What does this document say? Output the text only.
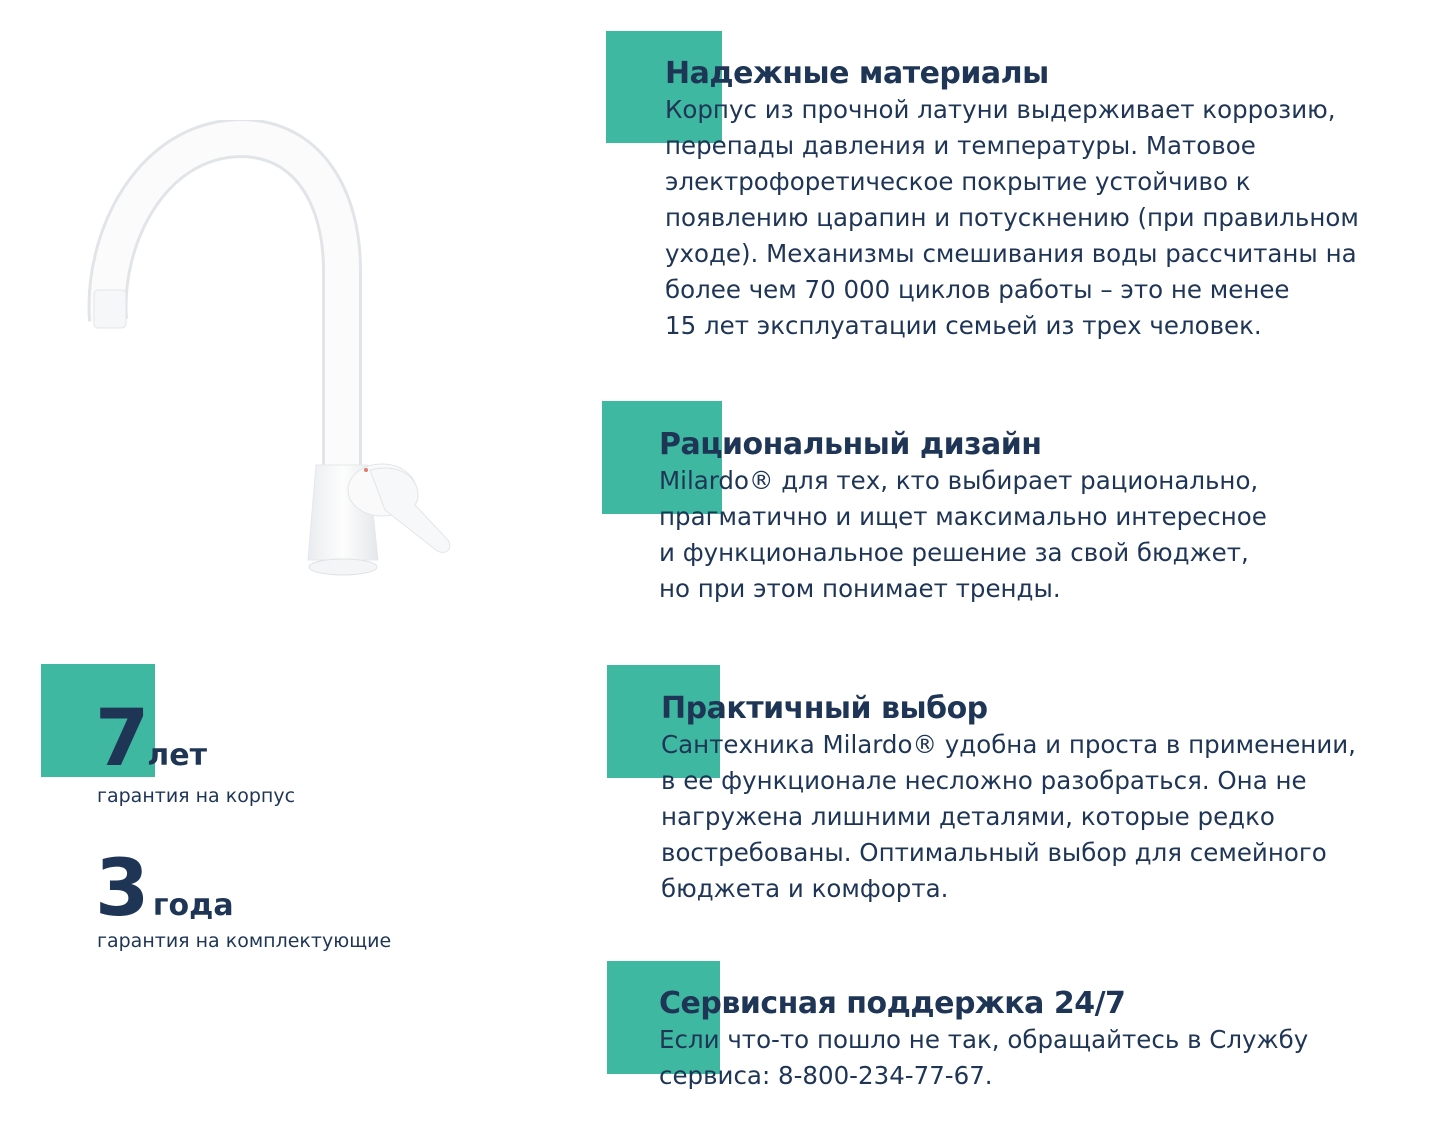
Надежные материалы
Корпус из прочной латуни выдерживает коррозию,
перепады давления и температуры. Матовое
электрофоретическое покрытие устойчиво к
появлению царапин и потускнению (при правильном
уходе). Механизмы смешивания воды рассчитаны на
более чем 70 000 циклов работы – это не менее
15 лет эксплуатации семьей из трех человек.
Рациональный дизайн
Milardo® для тех, кто выбирает рационально,
прагматично и ищет максимально интересное
и функциональное решение за свой бюджет,
но при этом понимает тренды.
Практичный выбор
Сантехника Milardo® удобна и проста в применении,
в ее функционале несложно разобраться. Она не
нагружена лишними деталями, которые редко
востребованы. Оптимальный выбор для семейного
бюджета и комфорта.
Сервисная поддержка 24/7
Если что-то пошло не так, обращайтесь в Службу
сервиса: 8-800-234-77-67.
7лет
гарантия на корпус
3 года
гарантия на комплектующие
